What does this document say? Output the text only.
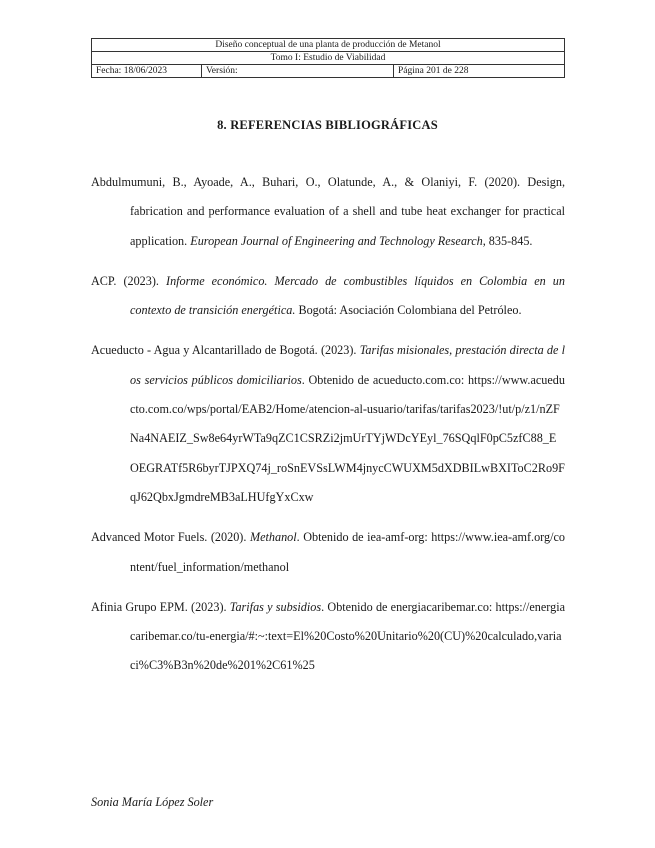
Diseño conceptual de una planta de producción de Metanol
Tomo I: Estudio de Viabilidad
Fecha: 18/06/2023	Versión:	Página 201 de 228
8. REFERENCIAS BIBLIOGRÁFICAS

Abdulmumuni, B., Ayoade, A., Buhari, O., Olatunde, A., & Olaniyi, F. (2020). Design, fabrication and performance evaluation of a shell and tube heat exchanger for practical application. European Journal of Engineering and Technology Research, 835-845.

ACP. (2023). Informe económico. Mercado de combustibles líquidos en Colombia en un contexto de transición energética. Bogotá: Asociación Colombiana del Petróleo.

Acueducto - Agua y Alcantarillado de Bogotá. (2023). Tarifas misionales, prestación directa de los servicios públicos domiciliarios. Obtenido de acueducto.com.co: https://www.acueducto.com.co/wps/portal/EAB2/Home/atencion-al-usuario/tarifas/tarifas2023/!ut/p/z1/nZFNa4NAEIZ_Sw8e64yrWTa9qZC1CSRZi2jmUrTYjWDcYEyl_76SQqlF0pC5zfC88_EOEGRATf5R6byrTJPXQ74j_roSnEVSsLWM4jnycCWUXM5dXDBILwBXIToC2Ro9FqJ62QbxJgmdreMB3aLHUfgYxCxw

Advanced Motor Fuels. (2020). Methanol. Obtenido de iea-amf-org: https://www.iea-amf.org/content/fuel_information/methanol

Afinia Grupo EPM. (2023). Tarifas y subsidios. Obtenido de energiacaribemar.co: https://energiacaribemar.co/tu-energia/#:~:text=El%20Costo%20Unitario%20(CU)%20calculado,variaci%C3%B3n%20de%201%2C61%25

Sonia María López Soler
